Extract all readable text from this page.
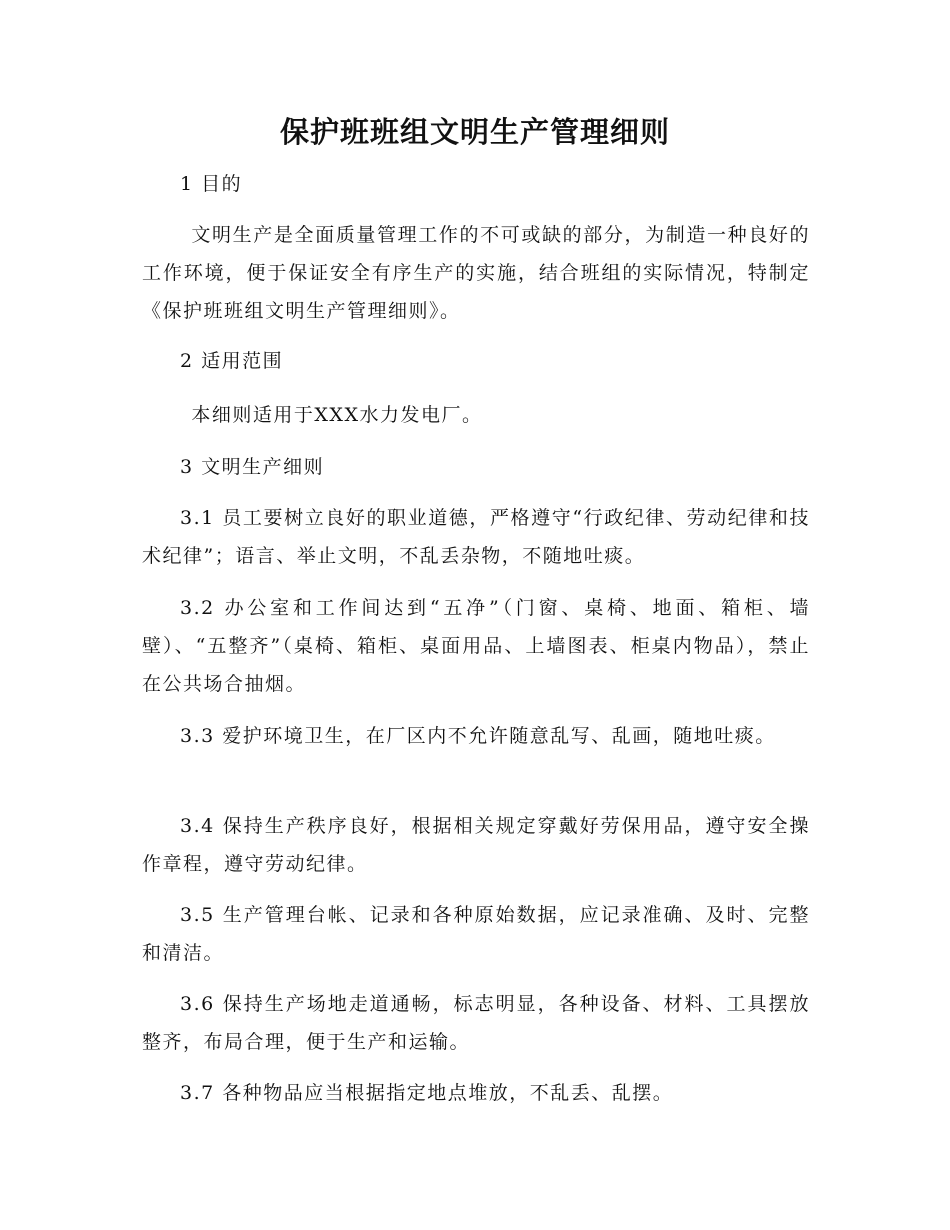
保护班班组文明生产管理细则

1 目的

文明生产是全面质量管理工作的不可或缺的部分，为制造一种良好的工作环境，便于保证安全有序生产的实施，结合班组的实际情况，特制定《保护班班组文明生产管理细则》。

2 适用范围

本细则适用于XXX水力发电厂。

3 文明生产细则

3.1 员工要树立良好的职业道德，严格遵守“行政纪律、劳动纪律和技术纪律”；语言、举止文明，不乱丢杂物，不随地吐痰。

3.2 办公室和工作间达到“五净”（门窗、桌椅、地面、箱柜、墙壁）、“五整齐”（桌椅、箱柜、桌面用品、上墙图表、柜桌内物品），禁止在公共场合抽烟。

3.3 爱护环境卫生，在厂区内不允许随意乱写、乱画，随地吐痰。

3.4 保持生产秩序良好，根据相关规定穿戴好劳保用品，遵守安全操作章程，遵守劳动纪律。

3.5 生产管理台帐、记录和各种原始数据，应记录准确、及时、完整和清洁。

3.6 保持生产场地走道通畅，标志明显，各种设备、材料、工具摆放整齐，布局合理，便于生产和运输。

3.7 各种物品应当根据指定地点堆放，不乱丢、乱摆。
